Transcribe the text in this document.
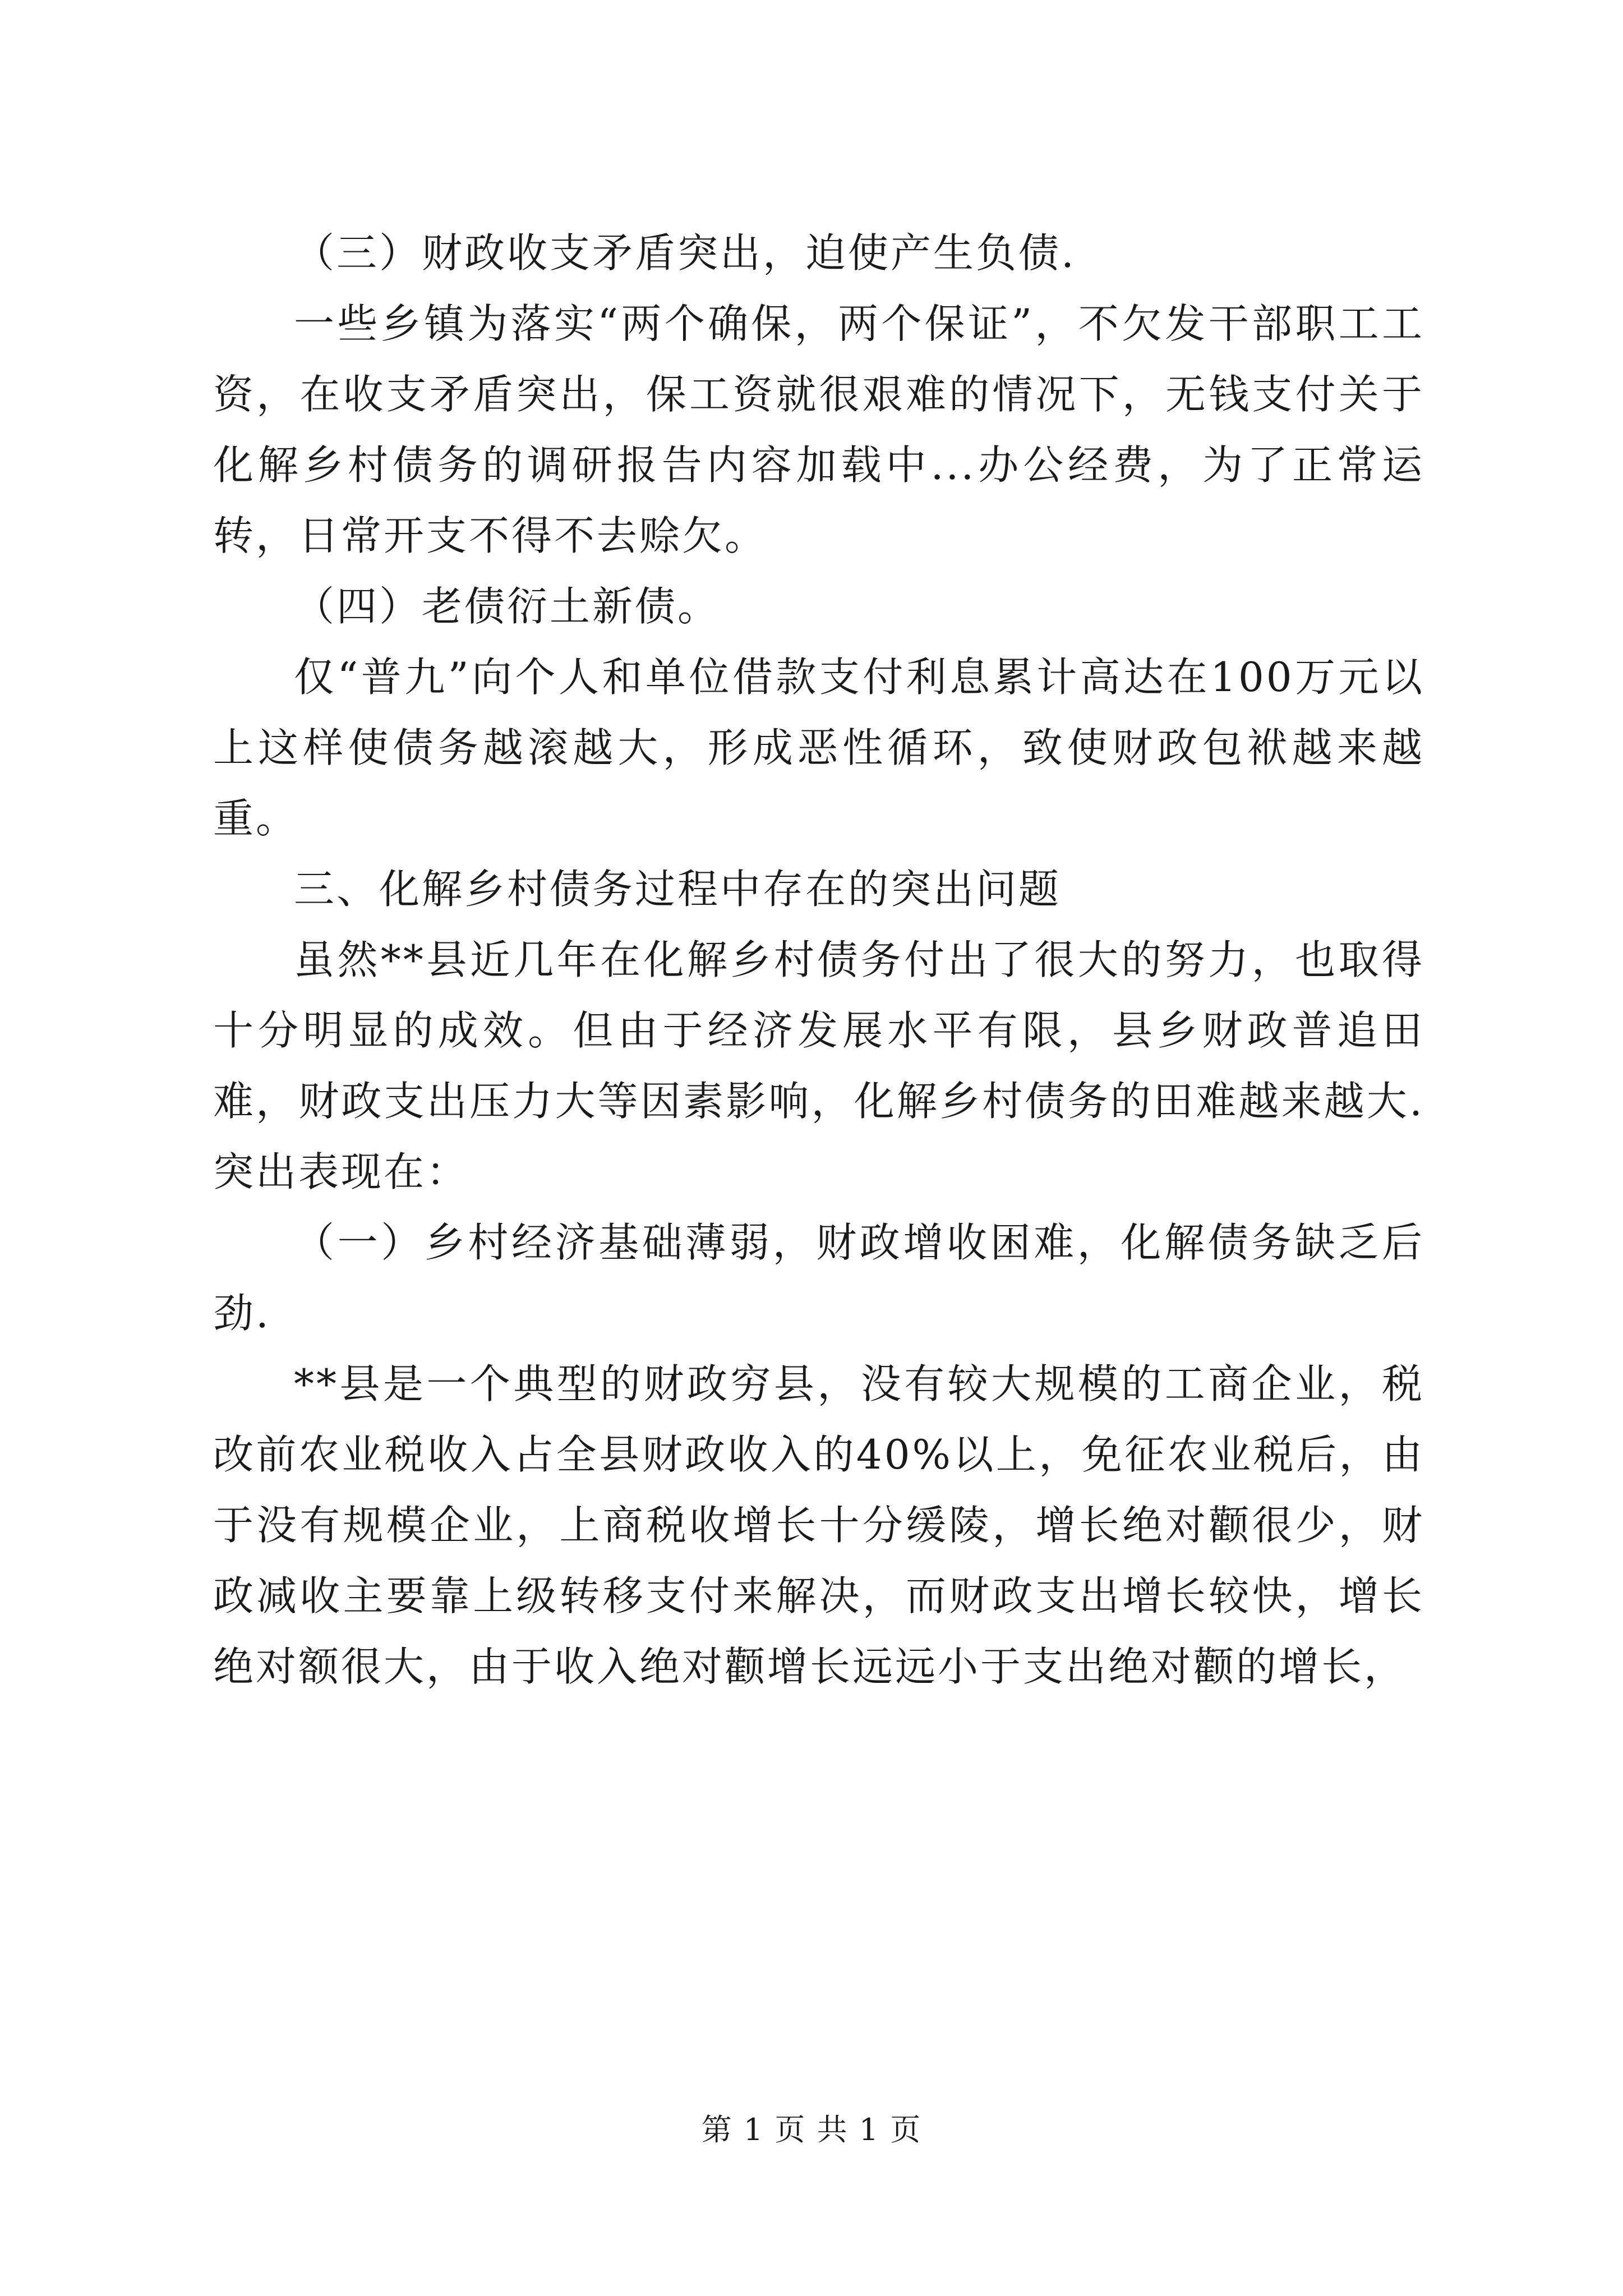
（三）财政收支矛盾突出，迫使产生负债.

一些乡镇为落实“两个确保，两个保证”，不欠发干部职工工资，在收支矛盾突出，保工资就很艰难的情况下，无钱支付关于化解乡村债务的调研报告内容加载中...办公经费，为了正常运转，日常开支不得不去赊欠。

（四）老债衍土新债。

仅“普九”向个人和单位借款支付利息累计高达在100万元以上这样使债务越滚越大，形成恶性循环，致使财政包袱越来越重。

三、化解乡村债务过程中存在的突出问题

虽然**县近几年在化解乡村债务付出了很大的努力，也取得十分明显的成效。但由于经济发展水平有限，县乡财政普追田难，财政支出压力大等因素影响，化解乡村债务的田难越来越大.突出表现在：

（一）乡村经济基础薄弱，财政增收困难，化解债务缺乏后劲.

**县是一个典型的财政穷县，没有较大规模的工商企业，税改前农业税收入占全县财政收入的40%以上，免征农业税后，由于没有规模企业，上商税收增长十分缓陵，增长绝对颧很少，财政减收主要靠上级转移支付来解决，而财政支出增长较快，增长绝对额很大，由于收入绝对颧增长远远小于支出绝对颧的增长，

第 1 页 共 1 页
